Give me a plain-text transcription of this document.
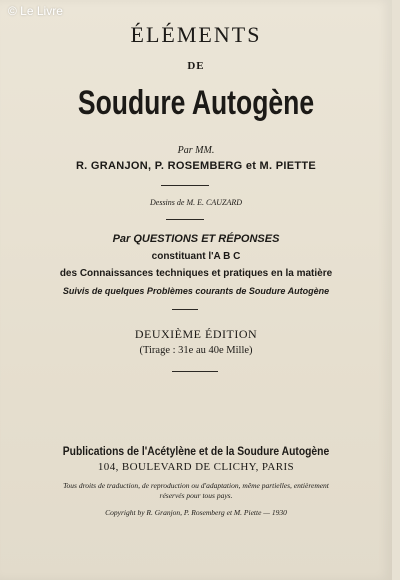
© Le Livre
ÉLÉMENTS
DE
Soudure Autogène
Par MM.
R. GRANJON, P. ROSEMBERG et M. PIETTE
Dessins de M. E. CAUZARD
Par QUESTIONS ET RÉPONSES
constituant l'A B C
des Connaissances techniques et pratiques en la matière
Suivis de quelques Problèmes courants de Soudure Autogène
DEUXIÈME ÉDITION
(Tirage : 31e au 40e Mille)
Publications de l'Acétylène et de la Soudure Autogène
104, BOULEVARD DE CLICHY, PARIS
Tous droits de traduction, de reproduction ou d'adaptation, même partielles, entièrement réservés pour tous pays.
Copyright by R. Granjon, P. Rosemberg et M. Piette — 1930
